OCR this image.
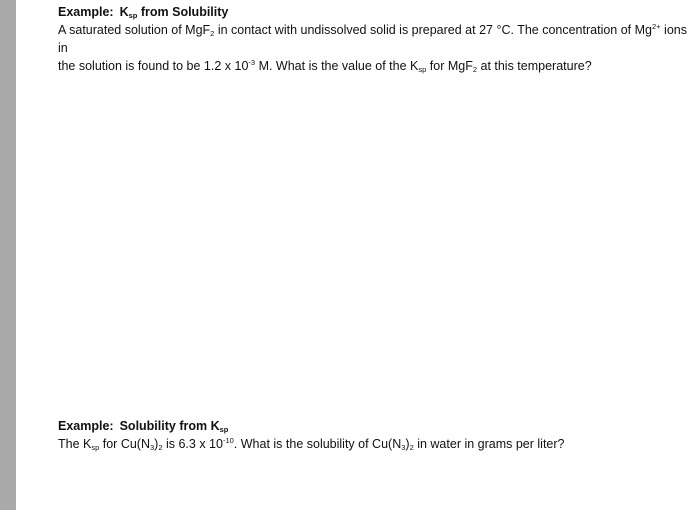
Example: $K_{sp}$ from Solubility

A saturated solution of MgF$_2$ in contact with undissolved solid is prepared at 27 °C. The concentration of $Mg^{2+}$ ions in
the solution is found to be 1.2 x $10^{-3}$ M. What is the value of the $K_{sp}$ for MgF$_2$ at this temperature?

Example: Solubility from $K_{sp}$

The $K_{sp}$ for $Cu(N_3)_2$ is 6.3 x $10^{-10}$. What is the solubility of $Cu(N_3)_2$ in water in grams per liter?
